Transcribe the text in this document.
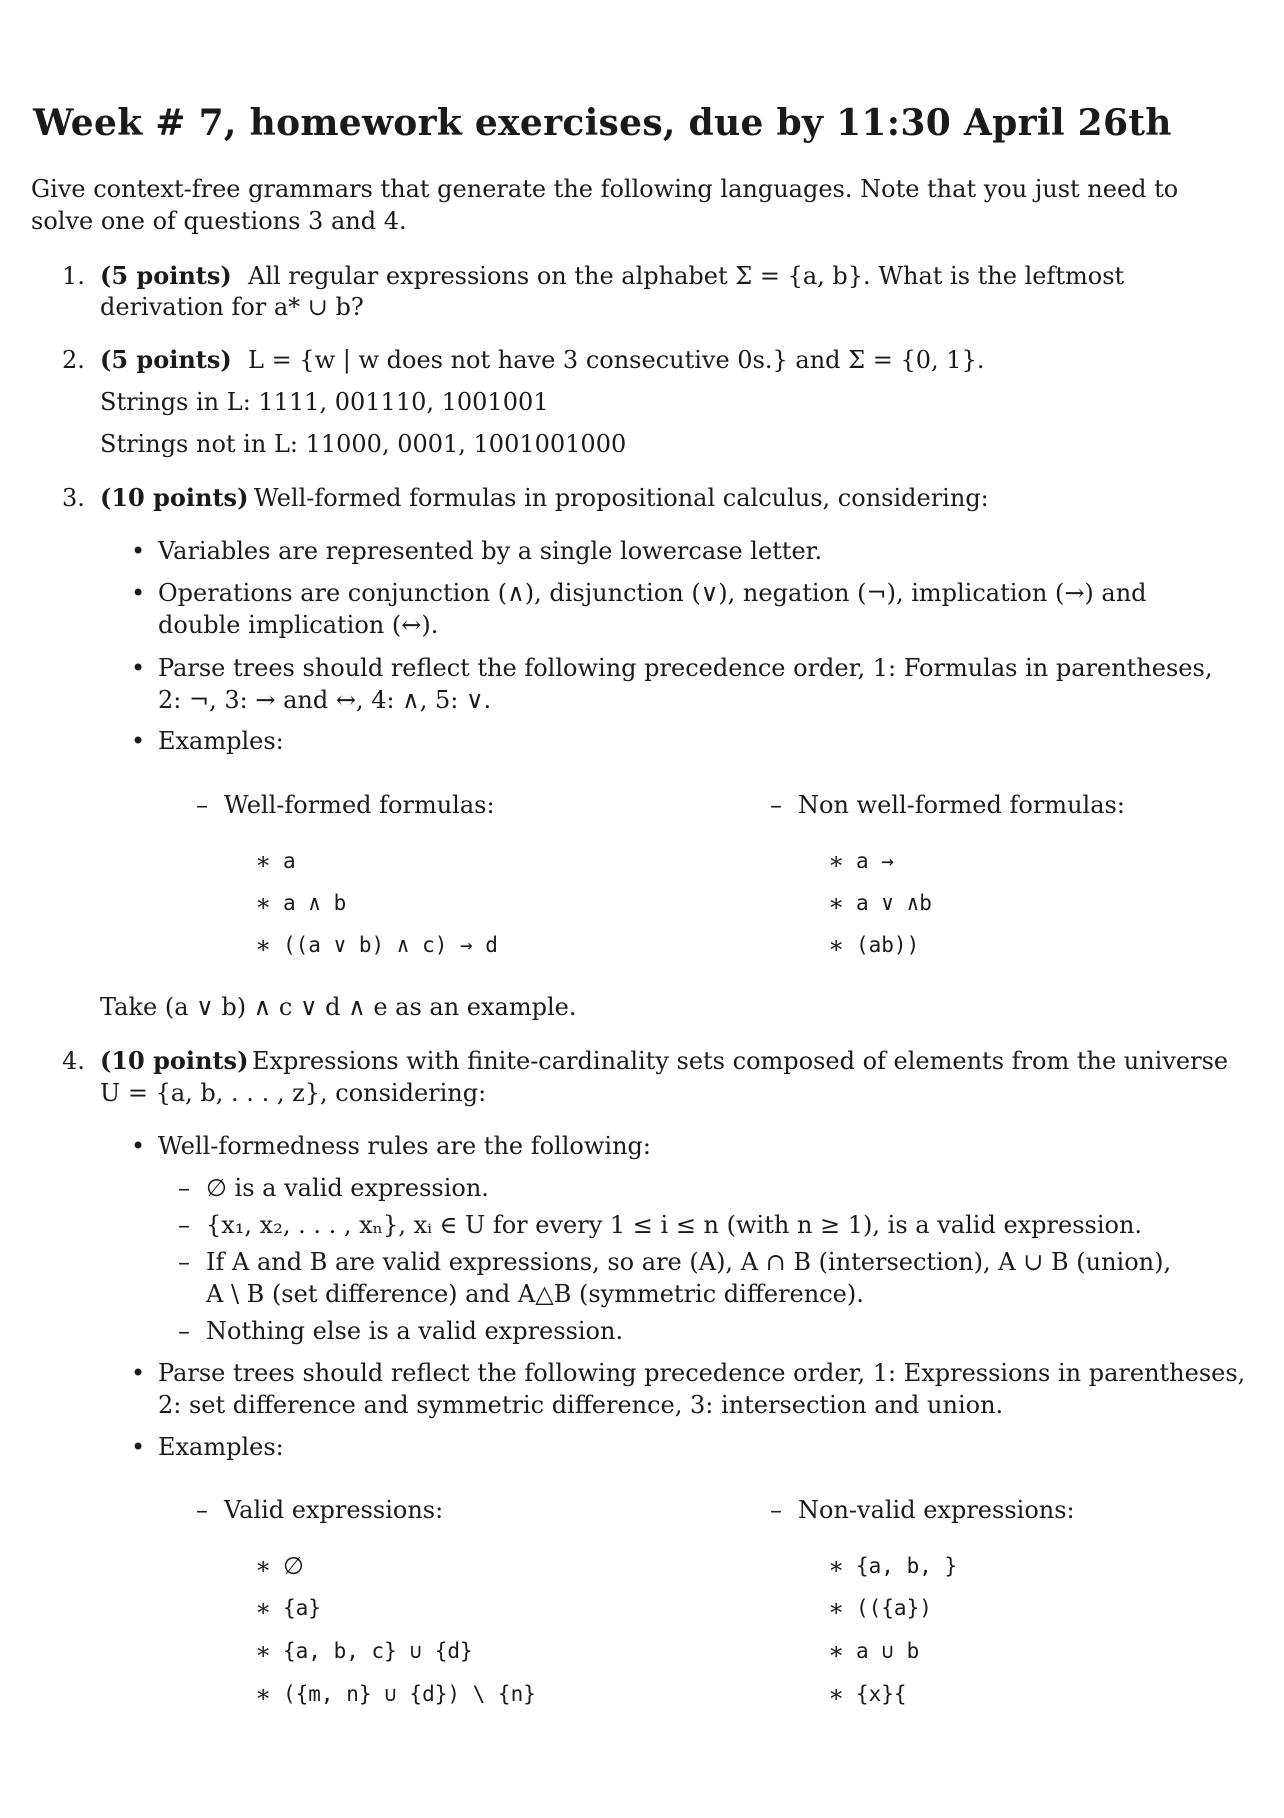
Week # 7, homework exercises, due by 11:30 April 26th
Give context-free grammars that generate the following languages. Note that you just need to
solve one of questions 3 and 4.
1. (5 points) All regular expressions on the alphabet Σ = {a, b}. What is the leftmost
derivation for a* ∪ b?
2. (5 points) L = {w | w does not have 3 consecutive 0s.} and Σ = {0, 1}.
Strings in L: 1111, 001110, 1001001
Strings not in L: 11000, 0001, 1001001000
3. (10 points) Well-formed formulas in propositional calculus, considering:
• Variables are represented by a single lowercase letter.
• Operations are conjunction (∧), disjunction (∨), negation (¬), implication (→) and
double implication (↔).
• Parse trees should reflect the following precedence order, 1: Formulas in parentheses,
2: ¬, 3: → and ↔, 4: ∧, 5: ∨.
• Examples:
– Well-formed formulas:	– Non well-formed formulas:
∗ a
∗ a ∧ b
∗ ((a ∨ b) ∧ c) → d
∗ a →
∗ a ∨ ∧b
∗ (ab))
Take (a ∨ b) ∧ c ∨ d ∧ e as an example.
4. (10 points) Expressions with finite-cardinality sets composed of elements from the universe
U = {a, b, . . . , z}, considering:
• Well-formedness rules are the following:
– ∅ is a valid expression.
– {x₁, x₂, . . . , xₙ}, xᵢ ∈ U for every 1 ≤ i ≤ n (with n ≥ 1), is a valid expression.
– If A and B are valid expressions, so are (A), A ∩ B (intersection), A ∪ B (union),
A \ B (set difference) and A△B (symmetric difference).
– Nothing else is a valid expression.
• Parse trees should reflect the following precedence order, 1: Expressions in parentheses,
2: set difference and symmetric difference, 3: intersection and union.
• Examples:
– Valid expressions:	– Non-valid expressions:
∗ ∅
∗ {a}
∗ {a, b, c} ∪ {d}
∗ ({m, n} ∪ {d}) \ {n}
∗ {a, b, }
∗ (({a})
∗ a ∪ b
∗ {x}{
